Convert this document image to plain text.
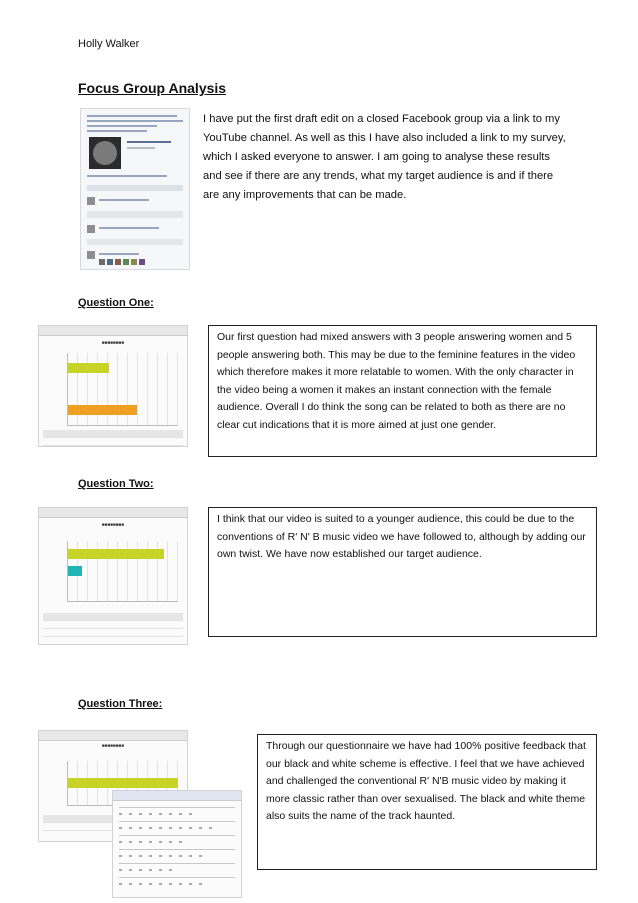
Holly Walker
Focus Group Analysis
I have put the first draft edit on a closed Facebook group via a link to my YouTube channel. As well as this I have also included a link to my survey, which I asked everyone to answer. I am going to analyse these results and see if there are any trends, what my target audience is and if there are any improvements that can be made.
Question One:
■■■■■■■■	Our first question had mixed answers with 3 people answering women and 5 people answering both. This may be due to the feminine features in the video which therefore makes it more relatable to women. With the only character in the video being a women it makes an instant connection with the female audience. Overall I do think the song can be related to both as there are no clear cut indications that it is more aimed at just one gender.

Question Two:
■■■■■■■■	I think that our video is suited to a younger audience, this could be due to the conventions of R' N' B music video we have followed to, although by adding our own twist. We have now established our target audience.

Question Three:
■■■■■■■■	Through our questionnaire we have had 100% positive feedback that our black and white scheme is effective. I feel that we have achieved and challenged the conventional R' N'B music video by making it more classic rather than over sexualised. The black and white theme also suits the name of the track haunted.
